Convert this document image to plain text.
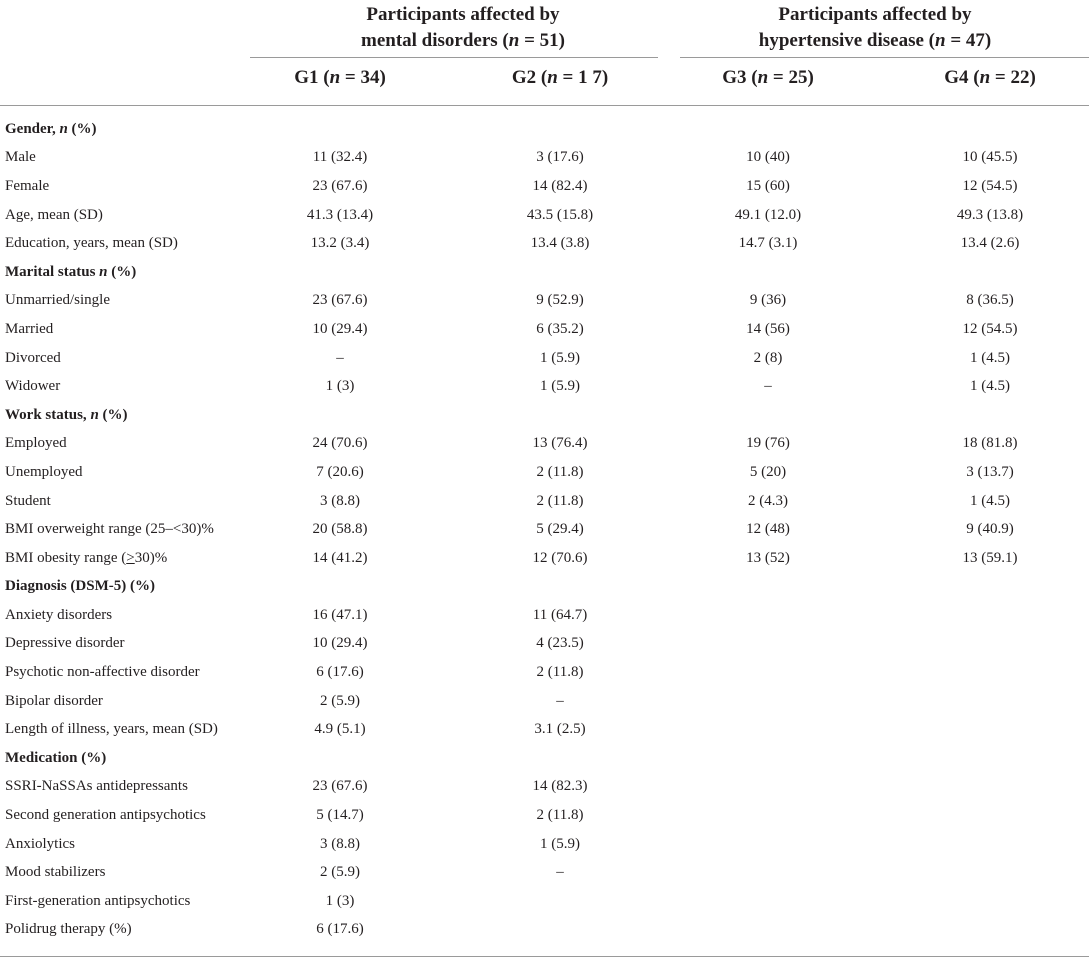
Participants affected by
mental disorders (n = 51)
Participants affected by
hypertensive disease (n = 47)
G1 (n = 34)	G2 (n = 1 7)	G3 (n = 25)	G4 (n = 22)
Gender, n (%)								
Male	11 (32.4)		3 (17.6)		10 (40)		10 (45.5)	
Female	23 (67.6)		14 (82.4)		15 (60)		12 (54.5)	
Age, mean (SD)	41.3 (13.4)		43.5 (15.8)		49.1 (12.0)		49.3 (13.8)	
Education, years, mean (SD)	13.2 (3.4)		13.4 (3.8)		14.7 (3.1)		13.4 (2.6)	
Marital status n (%)								
Unmarried/single	23 (67.6)		9 (52.9)		9 (36)		8 (36.5)	
Married	10 (29.4)		6 (35.2)		14 (56)		12 (54.5)	
Divorced	–		1 (5.9)		2 (8)		1 (4.5)	
Widower	1 (3)		1 (5.9)		–		1 (4.5)	
Work status, n (%)								
Employed	24 (70.6)		13 (76.4)		19 (76)		18 (81.8)	
Unemployed	7 (20.6)		2 (11.8)		5 (20)		3 (13.7)	
Student	3 (8.8)		2 (11.8)		2 (4.3)		1 (4.5)	
BMI overweight range (25–<30)%	20 (58.8)		5 (29.4)		12 (48)		9 (40.9)	
BMI obesity range (>30)%	14 (41.2)		12 (70.6)		13 (52)		13 (59.1)	
Diagnosis (DSM-5) (%)								
Anxiety disorders	16 (47.1)		11 (64.7)					
Depressive disorder	10 (29.4)		4 (23.5)					
Psychotic non-affective disorder	6 (17.6)		2 (11.8)					
Bipolar disorder	2 (5.9)		–					
Length of illness, years, mean (SD)	4.9 (5.1)		3.1 (2.5)					
Medication (%)								
SSRI-NaSSAs antidepressants	23 (67.6)		14 (82.3)					
Second generation antipsychotics	5 (14.7)		2 (11.8)					
Anxiolytics	3 (8.8)		1 (5.9)					
Mood stabilizers	2 (5.9)		–					
First-generation antipsychotics	1 (3)							
Polidrug therapy (%)	6 (17.6)							
